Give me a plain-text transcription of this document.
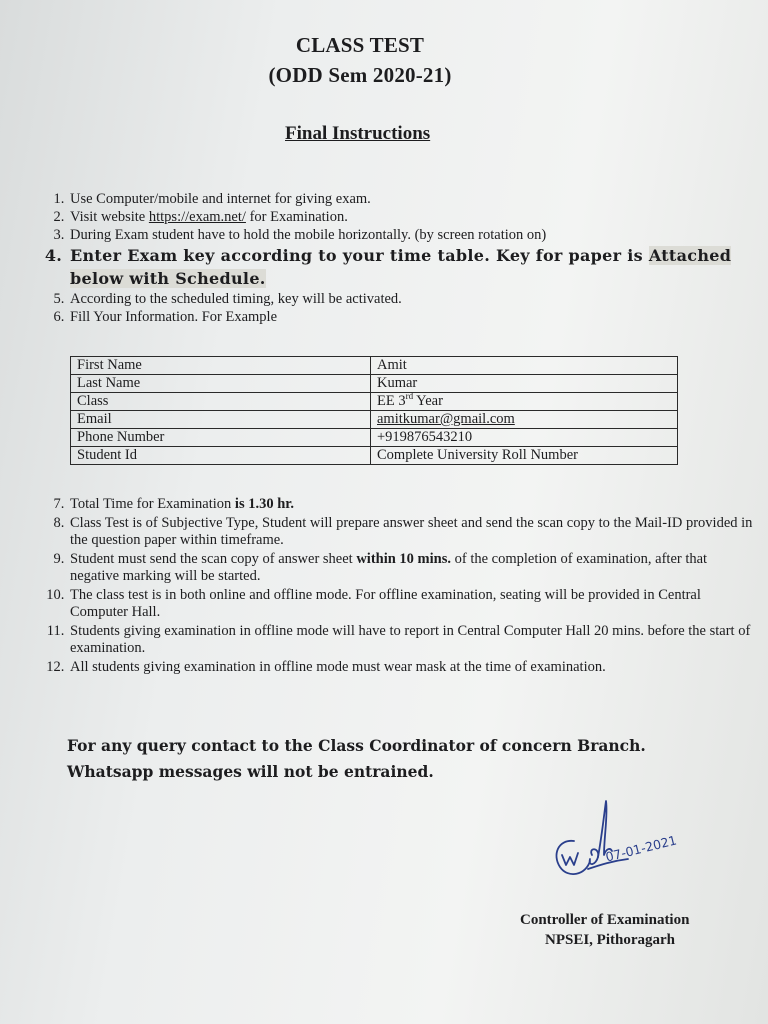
CLASS TEST
(ODD Sem 2020-21)
Final Instructions
1. Use Computer/mobile and internet for giving exam.
2. Visit website https://exam.net/ for Examination.
3. During Exam student have to hold the mobile horizontally. (by screen rotation on)
4. Enter Exam key according to your time table. Key for paper is Attached below with Schedule.
5. According to the scheduled timing, key will be activated.
6. Fill Your Information. For Example
First Name	Amit
Last Name	Kumar
Class	EE 3rd Year
Email	amitkumar@gmail.com
Phone Number	+919876543210
Student Id	Complete University Roll Number
7. Total Time for Examination is 1.30 hr.
8. Class Test is of Subjective Type, Student will prepare answer sheet and send the scan copy to the Mail-ID provided in the question paper within timeframe.
9. Student must send the scan copy of answer sheet within 10 mins. of the completion of examination, after that negative marking will be started.
10. The class test is in both online and offline mode. For offline examination, seating will be provided in Central Computer Hall.
11. Students giving examination in offline mode will have to report in Central Computer Hall 20 mins. before the start of examination.
12. All students giving examination in offline mode must wear mask at the time of examination.
For any query contact to the Class Coordinator of concern Branch.
Whatsapp messages will not be entrained.
07-01-2021
Controller of Examination
NPSEI, Pithoragarh
